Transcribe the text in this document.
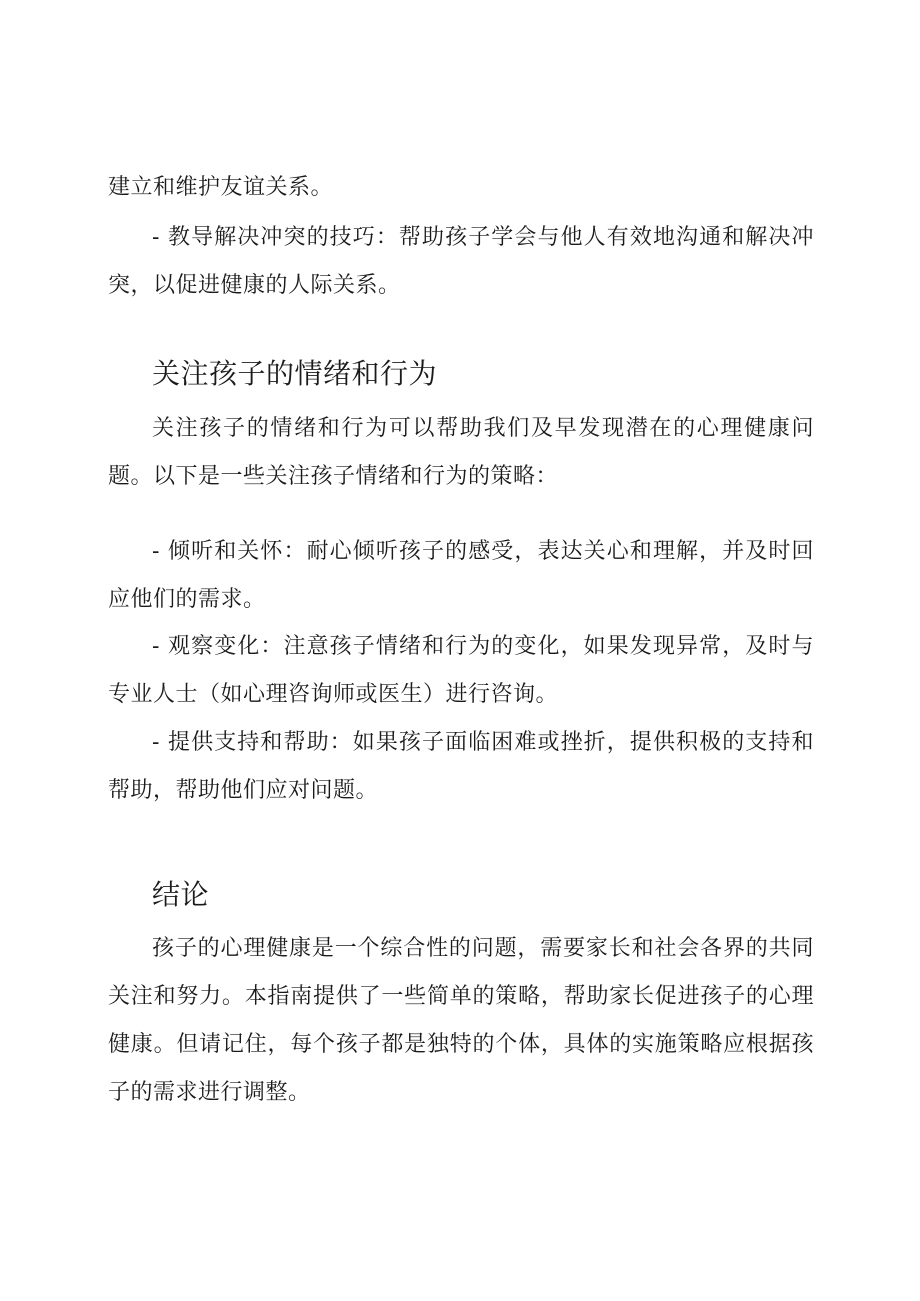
建立和维护友谊关系。

- 教导解决冲突的技巧：帮助孩子学会与他人有效地沟通和解决冲突，以促进健康的人际关系。

关注孩子的情绪和行为

关注孩子的情绪和行为可以帮助我们及早发现潜在的心理健康问题。以下是一些关注孩子情绪和行为的策略：

- 倾听和关怀：耐心倾听孩子的感受，表达关心和理解，并及时回应他们的需求。

- 观察变化：注意孩子情绪和行为的变化，如果发现异常，及时与专业人士（如心理咨询师或医生）进行咨询。

- 提供支持和帮助：如果孩子面临困难或挫折，提供积极的支持和帮助，帮助他们应对问题。

结论

孩子的心理健康是一个综合性的问题，需要家长和社会各界的共同关注和努力。本指南提供了一些简单的策略，帮助家长促进孩子的心理健康。但请记住，每个孩子都是独特的个体，具体的实施策略应根据孩子的需求进行调整。
